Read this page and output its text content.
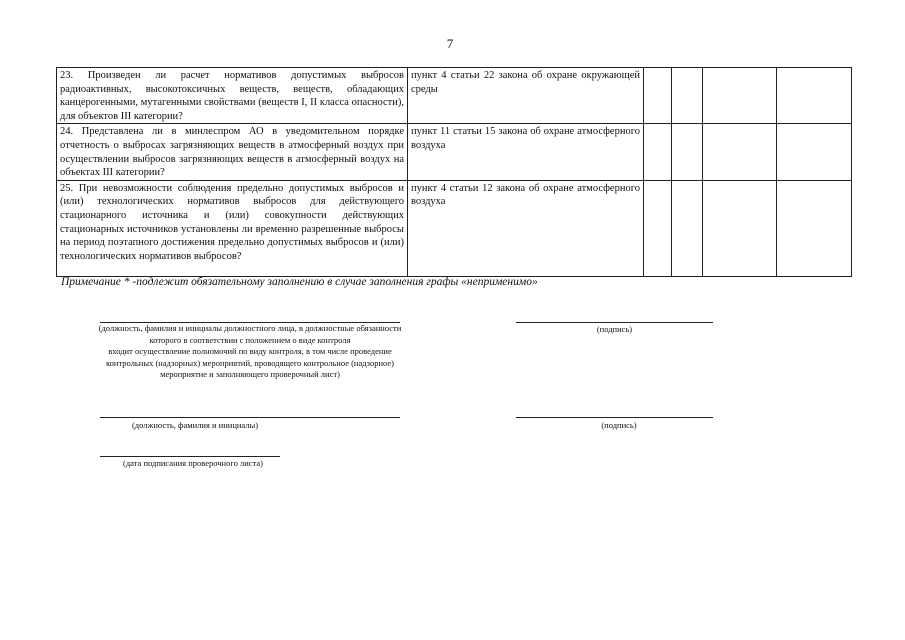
7
23. Произведен ли расчет нормативов допустимых выбросов радиоактивных, высокотоксичных веществ, веществ, обладающих канцерогенными, мутагенными свойствами (веществ I, II класса опасности), для объектов III категории?	пункт 4 статьи 22 закона об охране окружающей среды				
24. Представлена ли в минлеспром АО в уведомительном порядке отчетность о выбросах загрязняющих веществ в атмосферный воздух при осуществлении выбросов загрязняющих веществ в атмосферный воздух на объектах III категории?	пункт 11 статьи 15 закона об охране атмосферного воздуха				
25. При невозможности соблюдения предельно допустимых выбросов и (или) технологических нормативов выбросов для действующего стационарного источника и (или) совокупности действующих стационарных источников установлены ли временно разрешенные выбросы на период поэтапного достижения предельно допустимых выбросов и (или) технологических нормативов выбросов?	пункт 4 статьи 12 закона об охране атмосферного воздуха				
Примечание * -подлежит обязательному заполнению в случае заполнения графы «неприменимо»
(должность, фамилия и инициалы должностного лица, в должностные обязанности
которого в соответствии с положением о виде контроля
входит осуществление полномочий по виду контроля, в том числе проведение
контрольных (надзорных) мероприятий, проводящего контрольное (надзорное)
мероприятие и заполняющего проверочный лист)
(подпись)
(должность, фамилия и инициалы)	(подпись)
(дата подписания проверочного листа)
